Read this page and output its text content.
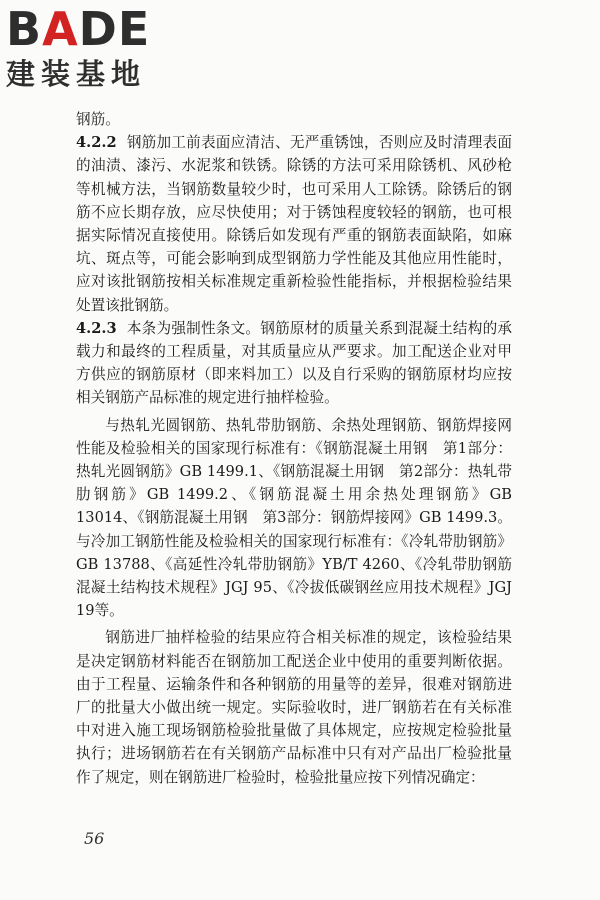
BADE
建装基地

钢筋。

4.2.2 钢筋加工前表面应清洁、无严重锈蚀，否则应及时清理表面的油渍、漆污、水泥浆和铁锈。除锈的方法可采用除锈机、风砂枪等机械方法，当钢筋数量较少时，也可采用人工除锈。除锈后的钢筋不应长期存放，应尽快使用；对于锈蚀程度较轻的钢筋，也可根据实际情况直接使用。除锈后如发现有严重的钢筋表面缺陷，如麻坑、斑点等，可能会影响到成型钢筋力学性能及其他应用性能时，应对该批钢筋按相关标准规定重新检验性能指标，并根据检验结果处置该批钢筋。

4.2.3 本条为强制性条文。钢筋原材的质量关系到混凝土结构的承载力和最终的工程质量，对其质量应从严要求。加工配送企业对甲方供应的钢筋原材（即来料加工）以及自行采购的钢筋原材均应按相关钢筋产品标准的规定进行抽样检验。

与热轧光圆钢筋、热轧带肋钢筋、余热处理钢筋、钢筋焊接网性能及检验相关的国家现行标准有：《钢筋混凝土用钢　第1部分：热轧光圆钢筋》GB 1499.1、《钢筋混凝土用钢　第2部分：热轧带肋钢筋》GB 1499.2、《钢筋混凝土用余热处理钢筋》GB 13014、《钢筋混凝土用钢　第3部分：钢筋焊接网》GB 1499.3。与冷加工钢筋性能及检验相关的国家现行标准有：《冷轧带肋钢筋》GB 13788、《高延性冷轧带肋钢筋》YB/T 4260、《冷轧带肋钢筋混凝土结构技术规程》JGJ 95、《冷拔低碳钢丝应用技术规程》JGJ 19等。

钢筋进厂抽样检验的结果应符合相关标准的规定，该检验结果是决定钢筋材料能否在钢筋加工配送企业中使用的重要判断依据。由于工程量、运输条件和各种钢筋的用量等的差异，很难对钢筋进厂的批量大小做出统一规定。实际验收时，进厂钢筋若在有关标准中对进入施工现场钢筋检验批量做了具体规定，应按规定检验批量执行；进场钢筋若在有关钢筋产品标准中只有对产品出厂检验批量作了规定，则在钢筋进厂检验时，检验批量应按下列情况确定：

56
